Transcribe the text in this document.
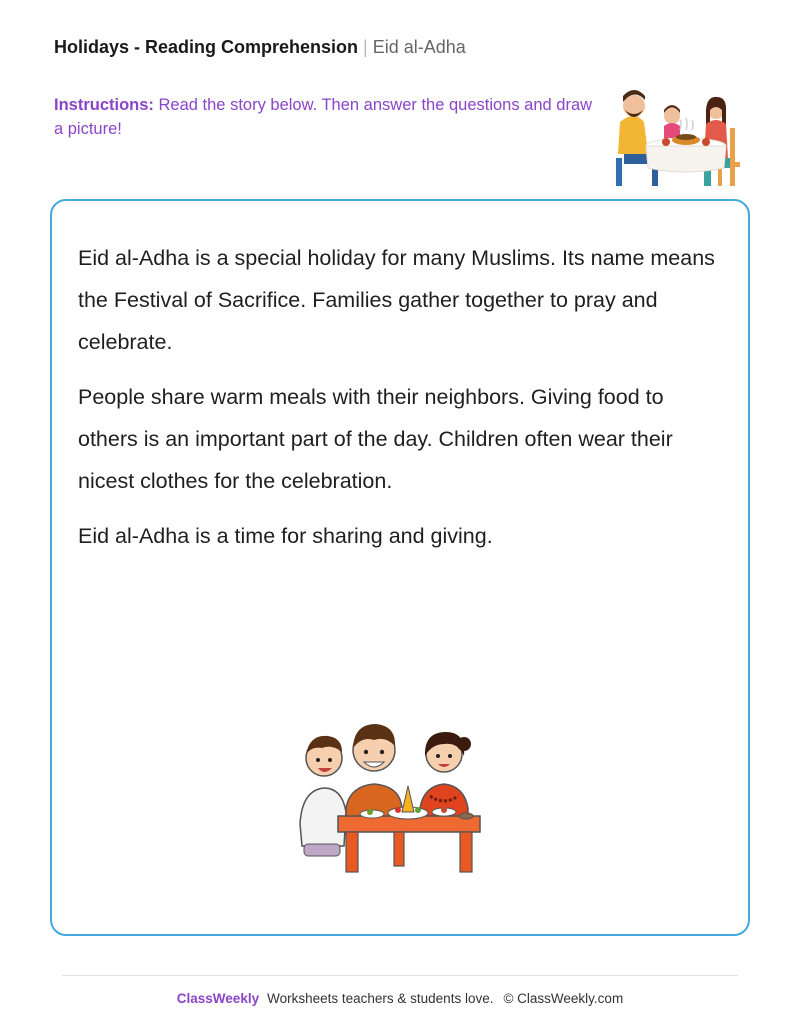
Holidays - Reading Comprehension | Eid al-Adha
Instructions: Read the story below. Then answer the questions and draw a picture!

Eid al-Adha is a special holiday for many Muslims. Its name means the Festival of Sacrifice. Families gather together to pray and celebrate.

People share warm meals with their neighbors. Giving food to others is an important part of the day. Children often wear their nicest clothes for the celebration.

Eid al-Adha is a time for sharing and giving.

ClassWeekly Worksheets teachers & students love. © ClassWeekly.com
